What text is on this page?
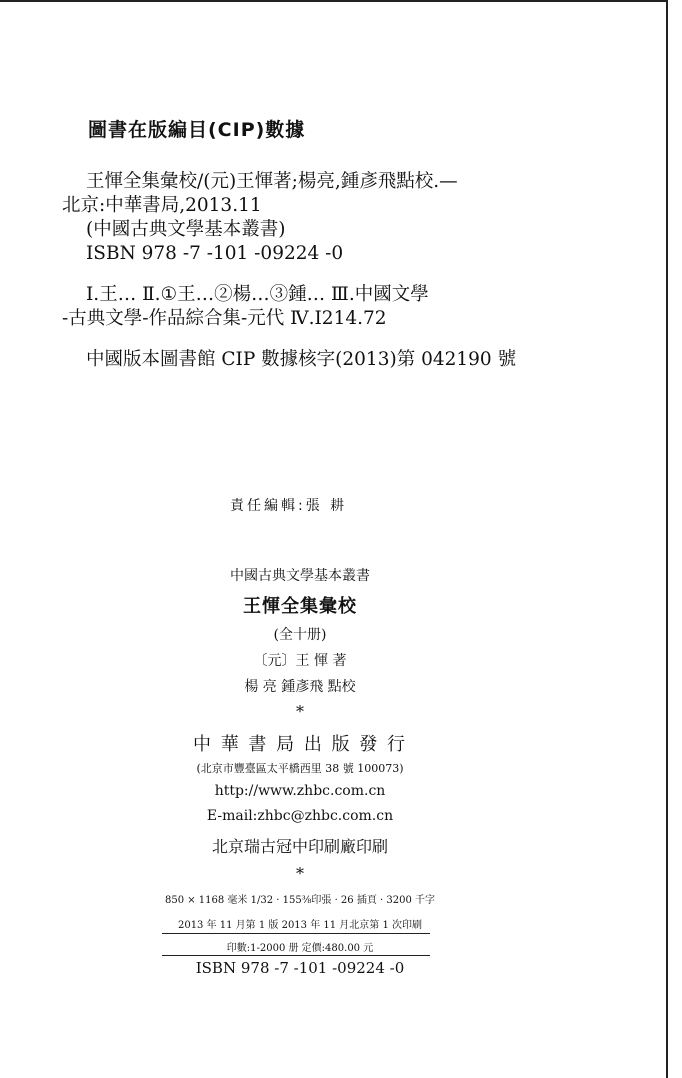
圖書在版編目(CIP)數據
王惲全集彙校/(元)王惲著;楊亮,鍾彥飛點校.—
北京:中華書局,2013.11
(中國古典文學基本叢書)
ISBN 978 -7 -101 -09224 -0
Ⅰ.王… Ⅱ.①王…②楊…③鍾… Ⅲ.中國文學
-古典文學-作品綜合集-元代 Ⅳ.I214.72
中國版本圖書館 CIP 數據核字(2013)第 042190 號
責任編輯:張 耕
中國古典文學基本叢書
王惲全集彙校
(全十册)
〔元〕王 惲 著
楊 亮 鍾彥飛 點校
*
中 華 書 局 出 版 發 行
(北京市豐臺區太平橋西里 38 號 100073)
http://www.zhbc.com.cn
E-mail:zhbc@zhbc.com.cn
北京瑞古冠中印刷廠印刷
*
850 × 1168 毫米 1/32 · 155⅜印張 · 26 插頁 · 3200 千字
2013 年 11 月第 1 版 2013 年 11 月北京第 1 次印刷
印數:1-2000 册 定價:480.00 元
ISBN 978 -7 -101 -09224 -0
